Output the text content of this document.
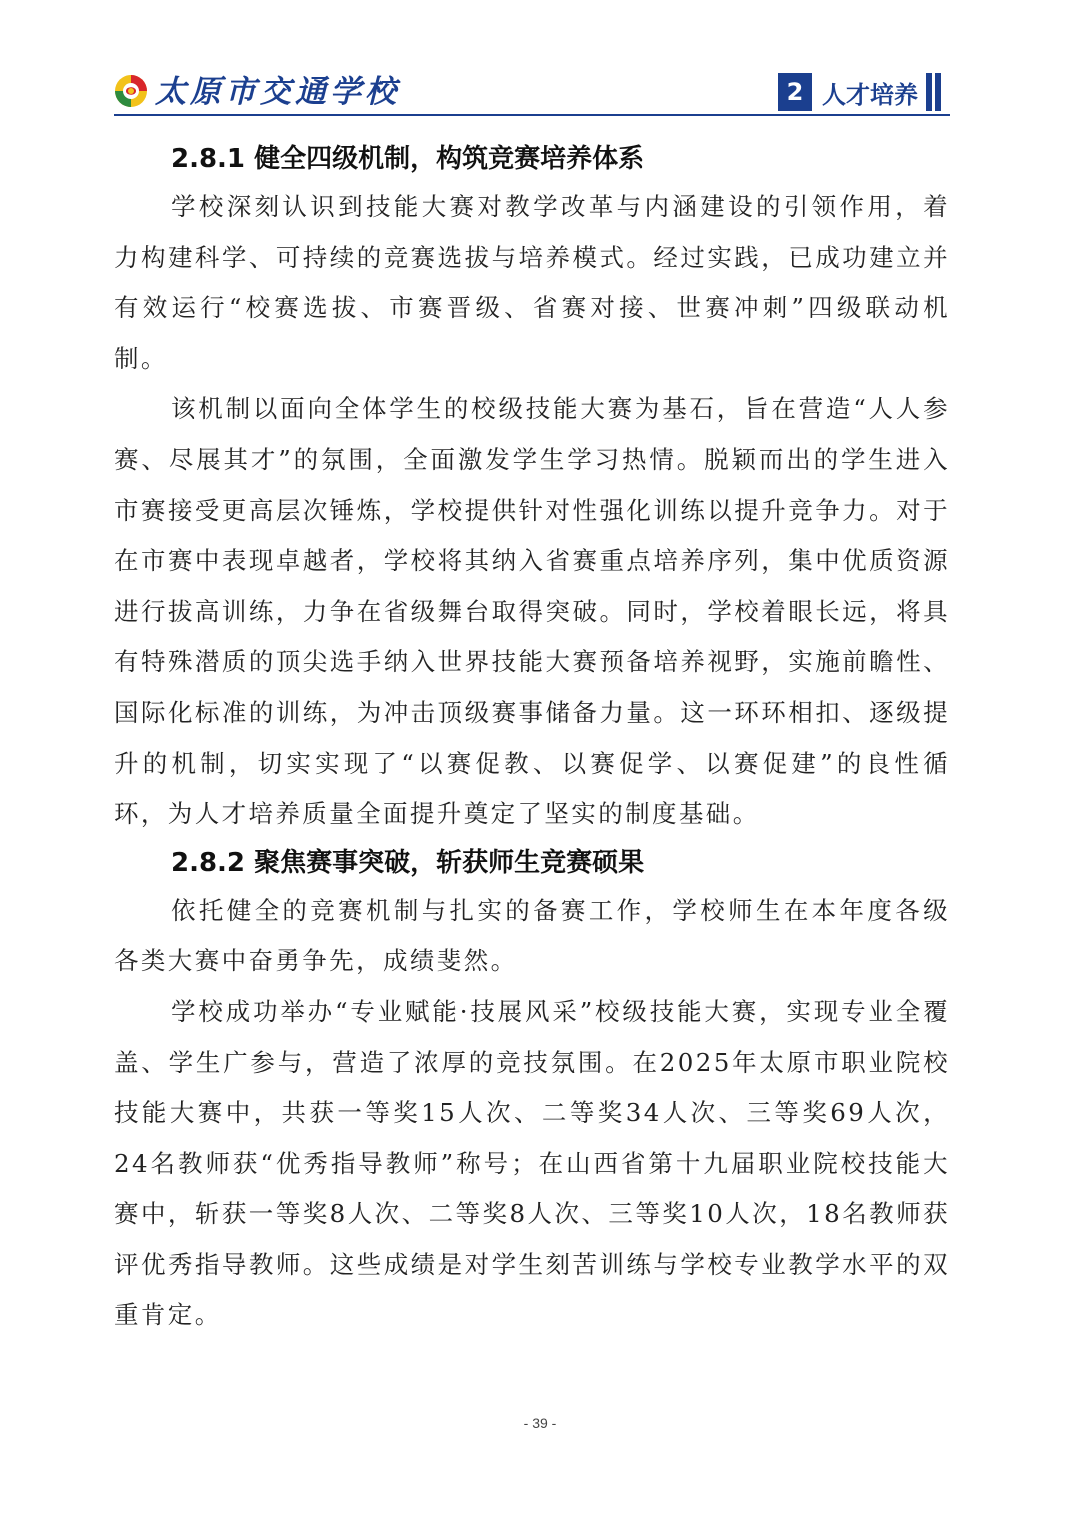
太原市交通学校	2 人才培养
2.8.1 健全四级机制，构筑竞赛培养体系

学校深刻认识到技能大赛对教学改革与内涵建设的引领作用，着力构建科学、可持续的竞赛选拔与培养模式。经过实践，已成功建立并有效运行“校赛选拔、市赛晋级、省赛对接、世赛冲刺”四级联动机制。

该机制以面向全体学生的校级技能大赛为基石，旨在营造“人人参赛、尽展其才”的氛围，全面激发学生学习热情。脱颖而出的学生进入市赛接受更高层次锤炼，学校提供针对性强化训练以提升竞争力。对于在市赛中表现卓越者，学校将其纳入省赛重点培养序列，集中优质资源进行拔高训练，力争在省级舞台取得突破。同时，学校着眼长远，将具有特殊潜质的顶尖选手纳入世界技能大赛预备培养视野，实施前瞻性、国际化标准的训练，为冲击顶级赛事储备力量。这一环环相扣、逐级提升的机制，切实实现了“以赛促教、以赛促学、以赛促建”的良性循环，为人才培养质量全面提升奠定了坚实的制度基础。

2.8.2 聚焦赛事突破，斩获师生竞赛硕果

依托健全的竞赛机制与扎实的备赛工作，学校师生在本年度各级各类大赛中奋勇争先，成绩斐然。

学校成功举办“专业赋能·技展风采”校级技能大赛，实现专业全覆盖、学生广参与，营造了浓厚的竞技氛围。在2025年太原市职业院校技能大赛中，共获一等奖15人次、二等奖34人次、三等奖69人次，24名教师获“优秀指导教师”称号；在山西省第十九届职业院校技能大赛中，斩获一等奖8人次、二等奖8人次、三等奖10人次，18名教师获评优秀指导教师。这些成绩是对学生刻苦训练与学校专业教学水平的双重肯定。

- 39 -
